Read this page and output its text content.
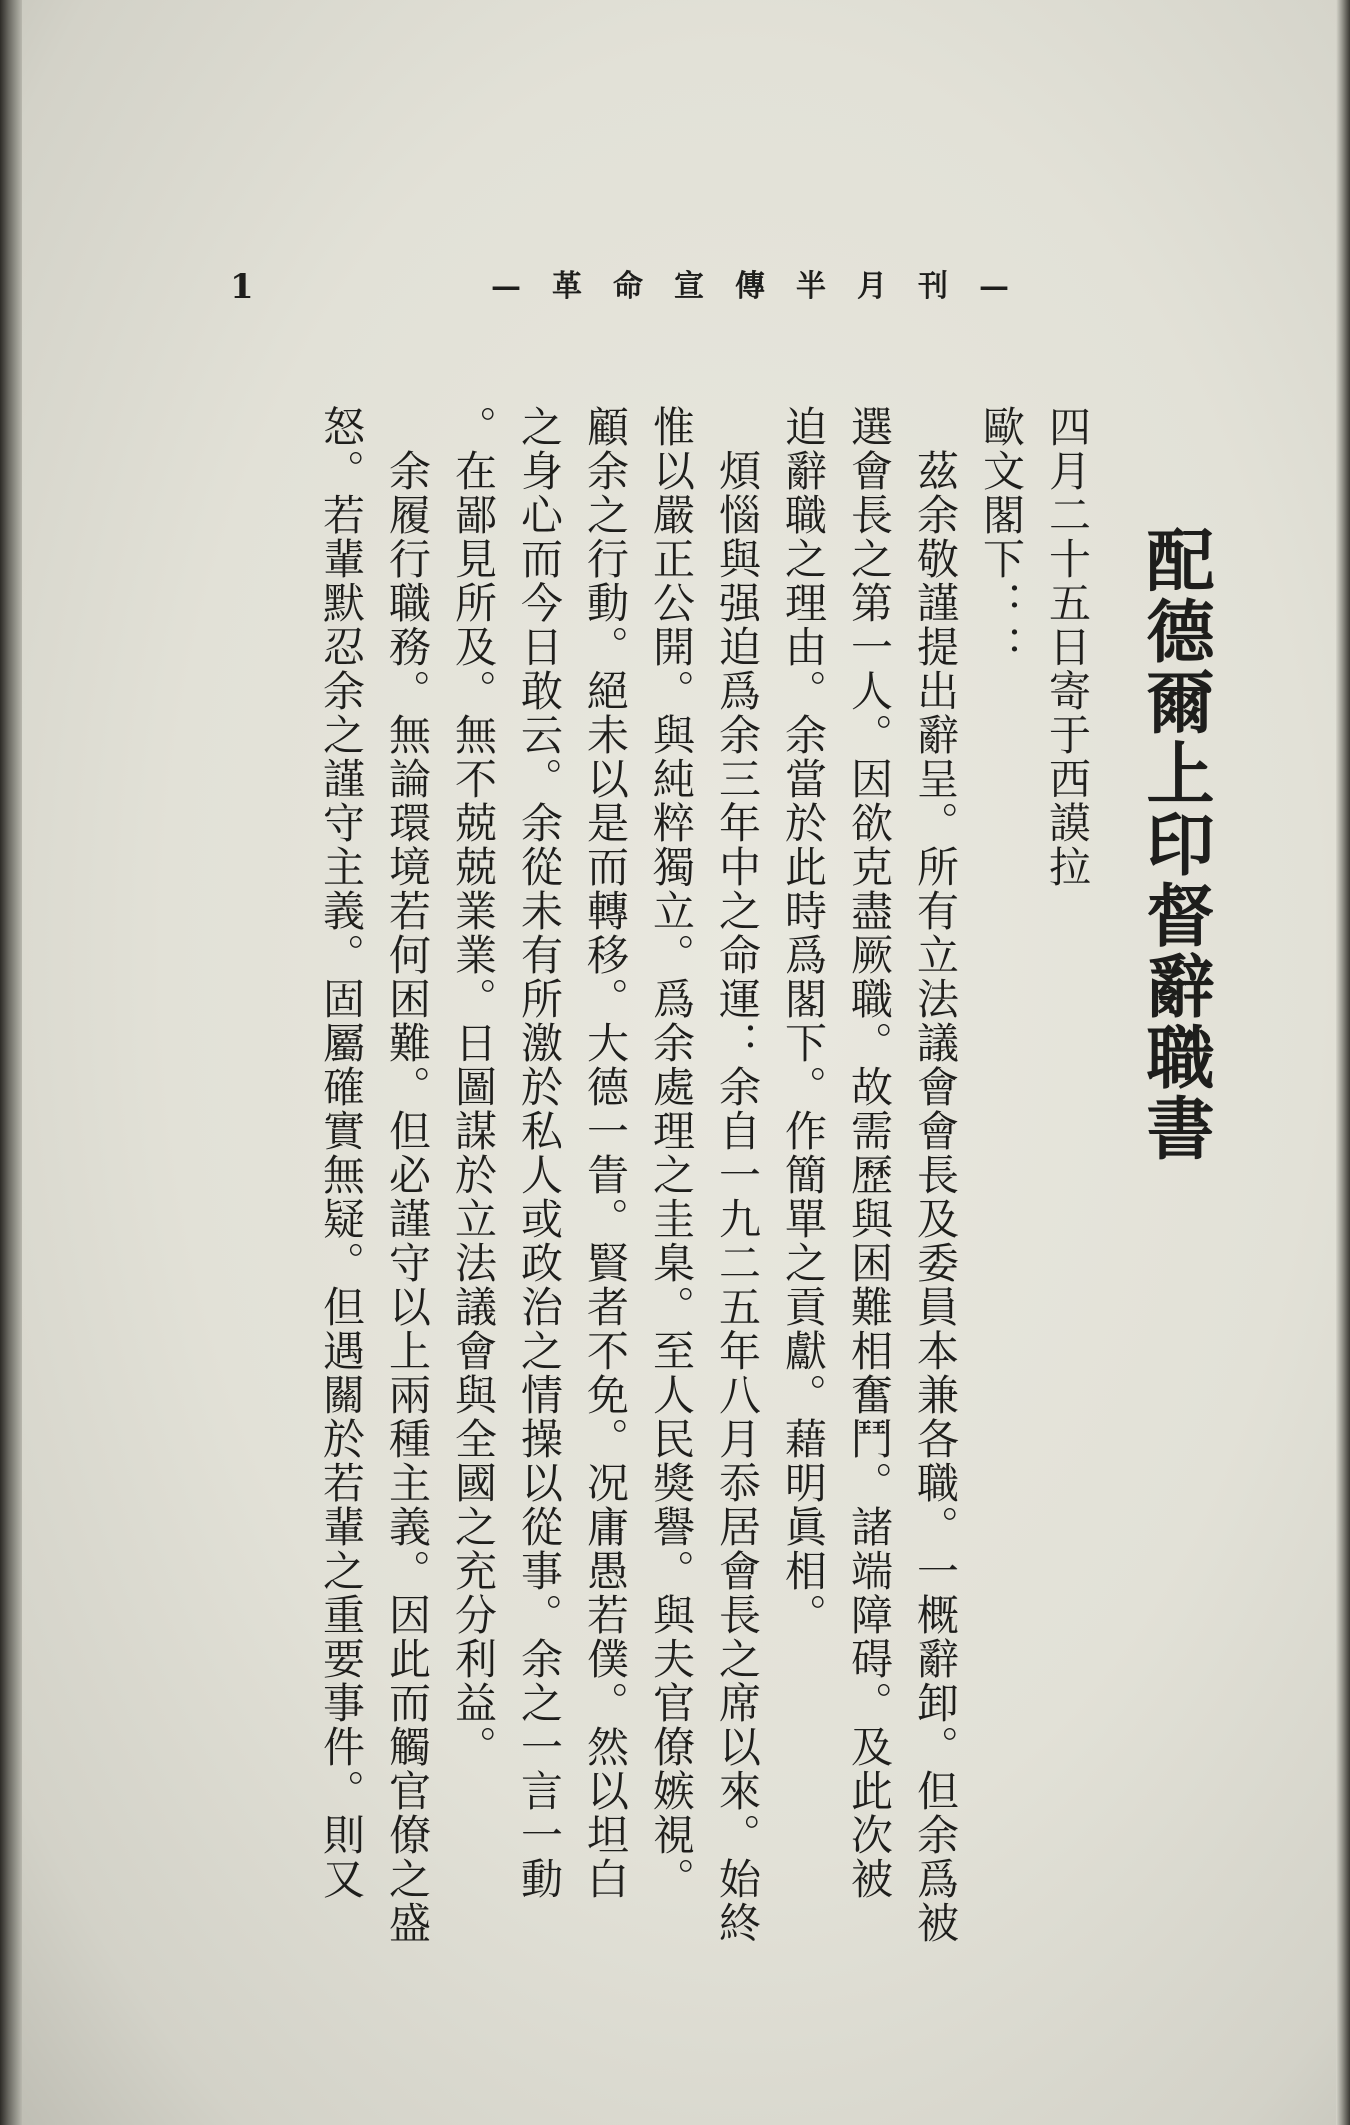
1	—革命宣傳半月刊—
配德爾上印督辭職書
四月二十五日寄于西謨拉
歐文閣下：：
　茲余敬謹提出辭呈。所有立法議會會長及委員本兼各職。一概辭卸。但余爲被
選會長之第一人。因欲克盡厥職。故需歷與困難相奮鬥。諸端障碍。及此次被
迫辭職之理由。余當於此時爲閣下。作簡單之貢獻。藉明眞相。
　煩惱與强迫爲余三年中之命運：余自一九二五年八月忝居會長之席以來。始終
惟以嚴正公開。與純粹獨立。爲余處理之圭臬。至人民獎譽。與夫官僚嫉視。
顧余之行動。絕未以是而轉移。大德一眚。賢者不免。况庸愚若僕。然以坦白
之身心而今日敢云。余從未有所激於私人或政治之情操以從事。余之一言一動
。在鄙見所及。無不兢兢業業。日圖謀於立法議會與全國之充分利益。
　余履行職務。無論環境若何困難。但必謹守以上兩種主義。因此而觸官僚之盛
怒。若輩默忍余之謹守主義。固屬確實無疑。但遇關於若輩之重要事件。則又
